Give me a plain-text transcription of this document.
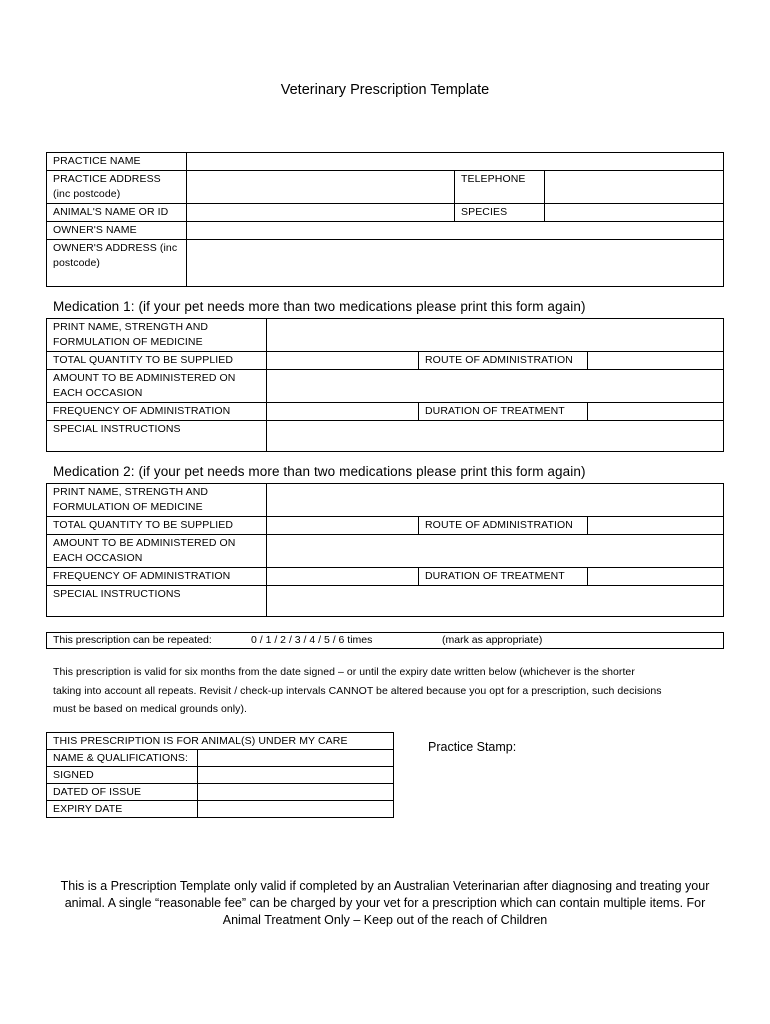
Veterinary Prescription Template
PRACTICE NAME			

PRACTICE ADDRESS
(inc postcode)		TELEPHONE	
ANIMAL'S NAME OR ID		SPECIES	
OWNER'S NAME			

OWNER'S ADDRESS (inc
postcode)			

Medication 1: (if your pet needs more than two medications please print this form again)
PRINT NAME, STRENGTH AND
FORMULATION OF MEDICINE			

TOTAL QUANTITY TO BE SUPPLIED		ROUTE OF ADMINISTRATION	

AMOUNT TO BE ADMINISTERED ON
EACH OCCASION			

FREQUENCY OF ADMINISTRATION		DURATION OF TREATMENT	
SPECIAL INSTRUCTIONS			
Medication 2: (if your pet needs more than two medications please print this form again)
PRINT NAME, STRENGTH AND
FORMULATION OF MEDICINE			

TOTAL QUANTITY TO BE SUPPLIED		ROUTE OF ADMINISTRATION	

AMOUNT TO BE ADMINISTERED ON
EACH OCCASION			

FREQUENCY OF ADMINISTRATION		DURATION OF TREATMENT	
SPECIAL INSTRUCTIONS			
This prescription can be repeated:	0 / 1 / 2 / 3 / 4 / 5 / 6 times	(mark as appropriate)
This prescription is valid for six months from the date signed – or until the expiry date written below (whichever is the shorter
taking into account all repeats. Revisit / check-up intervals CANNOT be altered because you opt for a prescription, such decisions
must be based on medical grounds only).
THIS PRESCRIPTION IS FOR ANIMAL(S) UNDER MY CARE	
NAME & QUALIFICATIONS:	
SIGNED	
DATED OF ISSUE	
EXPIRY DATE	
Practice Stamp:
This is a Prescription Template only valid if completed by an Australian Veterinarian after diagnosing and treating your
animal. A single “reasonable fee” can be charged by your vet for a prescription which can contain multiple items. For
Animal Treatment Only – Keep out of the reach of Children
